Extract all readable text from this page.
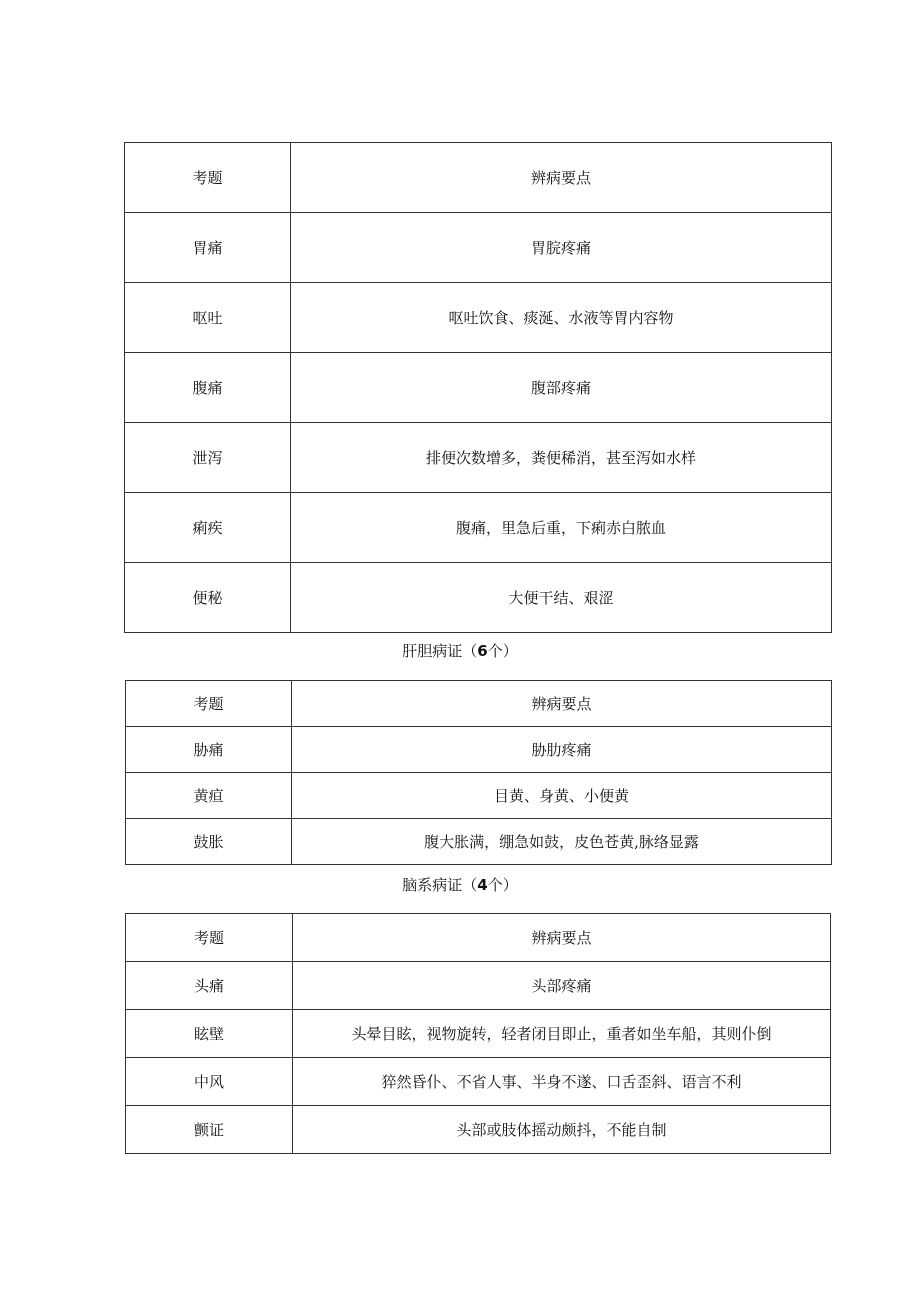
考题	辨病要点
胃痛	胃脘疼痛
呕吐	呕吐饮食、痰涎、水液等胃内容物
腹痛	腹部疼痛
泄泻	排便次数增多，粪便稀消，甚至泻如水样
痢疾	腹痛，里急后重，下痢赤白脓血
便秘	大便干结、艰涩
肝胆病证（6个）
考题	辨病要点
胁痛	胁肋疼痛
黄疸	目黄、身黄、小便黄
鼓胀	腹大胀满，绷急如鼓，皮色苍黄,脉络显露
脑系病证（4个）
考题	辨病要点
头痛	头部疼痛
眩壁	头晕目眩，视物旋转，轻者闭目即止，重者如坐车船，其则仆倒
中风	猝然昏仆、不省人事、半身不遂、口舌歪斜、语言不利
颤证	头部或肢体摇动颇抖，不能自制
